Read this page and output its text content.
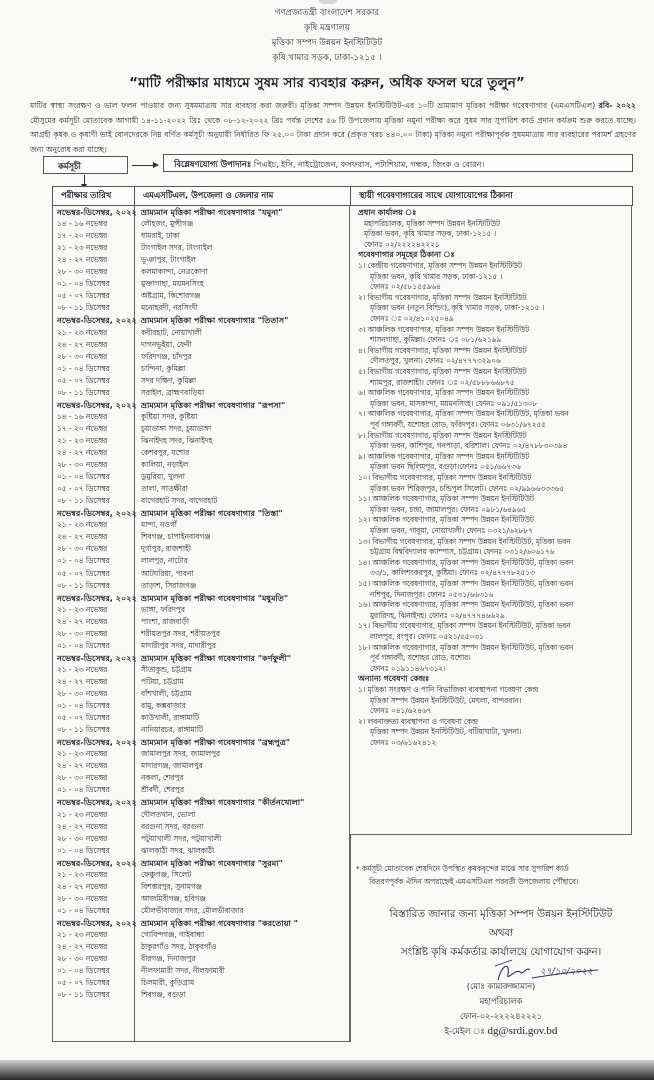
গণপ্রজাতন্ত্রী বাংলাদেশ সরকার
কৃষি মন্ত্রণালয়
মৃত্তিকা সম্পদ উন্নয়ন ইনস্টিটিউট
কৃষি খামার সড়ক, ঢাকা-১২১৫ ।
“মাটি পরীক্ষার মাধ্যমে সুষম সার ব্যবহার করুন, অধিক ফসল ঘরে তুলুন”
মাটির স্বাস্থ্য সংরক্ষণ ও ভাল ফলন পাওয়ার জন্য সুষমমাত্রায় সার ব্যবহার করা জরুরী। মৃত্তিকা সম্পদ উন্নয়ন ইনস্টিটিউট-এর ১০টি ভ্রাম্যমাণ মৃত্তিকা পরীক্ষা গবেষণাগার (এমএসটিএল) রবি- ২০২২ মৌসুমের কর্মসূচী মোতাবেক আগামী ১৪-১১-২০২২ খ্রিঃ থেকে ০৮-১২-২০২২ খ্রিঃ পর্যন্ত দেশের ৫৬ টি উপজেলায় মৃত্তিকা নমুনা পরীক্ষা করে সুষম সার সুপারিশ কার্ড প্রদান কর্যক্রম শুরু করতে যাচ্ছে। আগ্রহী কৃষক ও কৃষাণী ভাই বোনদেরকে নিম্ন বর্ণিত কর্মসূচী অনুযায়ী নির্ধারিত ফি ২৫.০০ টাকা প্রদান করে (প্রকৃত খরচ ৪৪০.০০ টাকা) মৃত্তিকা নমুনা পরীক্ষাপূর্বক সুষমমাত্রায় সার ব্যবহারের পরামর্শ গ্রহণের জন্য অনুরোধ করা যাচ্ছে।
কর্মসূচী	বিশ্লেষণযোগ্য উপাদানঃ পিএইচ, ইসি, নাইট্রোজেন, ফসফরাস, পটাশিয়াম, গন্ধক, জিংক ও বোরন।
পরীক্ষার তারিখ	এমএসটিএল, উপজেলা ও জেলার নাম	স্থায়ী গবেষণাগারের সাথে যোগাযোগের ঠিকানা
নভেম্বর-ডিসেম্বর, ২০২২ ভ্রাম্যমান মৃত্তিকা পরীক্ষা গবেষণাগার "যমুনা"
১৪ - ১৬ নভেম্বর	লৌহজং, মুন্সীগঞ্জ
১৭ - ২০ নভেম্বর	ধামরাই, ঢাকা
২১ - ২৩ নভেম্বর	টাংগাইল সদর, টাংগাইল
২৪ - ২৭ নভেম্বর	ভূঞাপুর, টাংগাইল
২৮ - ৩০ নভেম্বর	কলমাকান্দা, নেত্রকোণা
০১ - ০৪ ডিসেম্বর	মুক্তাগাছা, ময়মনসিংহ
০৫ - ০৭ ডিসেম্বর	অষ্টগ্রাম, কিশোরগঞ্জ
০৮ - ১১ ডিসেম্বর	মনোহরদী, নরসিংদী
নভেম্বর-ডিসেম্বর, ২০২২ ভ্রাম্যমান মৃত্তিকা পরীক্ষা গবেষণাগার "তিতাস"
২১ - ২৩ নভেম্বর	কবীরহাট, নোয়াখালী
২৪ - ২৭ নভেম্বর	দাগনভূইয়া, ফেনী
২৮ - ৩০ নভেম্বর	ফরিদগঞ্জ, চাঁদপুর
০১ - ০৪ ডিসেম্বর	চান্দিনা, কুমিল্লা
০৫ - ০৭ ডিসেম্বর	সদর দক্ষিণ, কুমিল্লা
০৮ - ১১ ডিসেম্বর	সরাইল, ব্রাহ্মণবাড়িয়া
নভেম্বর-ডিসেম্বর, ২০২২ ভ্রাম্যমান মৃত্তিকা পরীক্ষা গবেষণাগার "রূপসা"
১৪ - ১৬ নভেম্বর	কুষ্টিয়া সদর, কুষ্টিয়া
১৭ - ২০ নভেম্বর	চুয়াডাঙ্গা সদর, চুয়াডাঙ্গা
২১ - ২৩ নভেম্বর	ঝিনাইদহ সদর, ঝিনাইদহ
২৪ - ২৭ নভেম্বর	কেশবপুর, যশোর
২৮ - ৩০ নভেম্বর	কালিয়া, নড়াইল
০১ - ০৪ ডিসেম্বর	ডুমুরিয়া, খুলনা
০৫ - ০৭ ডিসেম্বর	তালা, সাতক্ষীরা
০৮ - ১১ ডিসেম্বর	বাগেরহাট সদর, বাগেরহাট
নভেম্বর-ডিসেম্বর, ২০২২ ভ্রাম্যমান মৃত্তিকা পরীক্ষা গবেষণাগার "তিস্তা"
২১ - ২৩ নভেম্বর	মান্দা, নওগাঁ
২৪ - ২৭ নভেম্বর	শিবগঞ্জ, চাপাইনবাবগঞ্জ
২৮ - ৩০ নভেম্বর	দুর্গাপুর, রাজশাহী
০১ - ০৪ ডিসেম্বর	লালপুর, নাটোর
০৫ - ০৭ ডিসেম্বর	আটঘরিয়া, পাবনা
০৮ - ১১ ডিসেম্বর	তাড়াশ, সিরাজগঞ্জ
নভেম্বর-ডিসেম্বর, ২০২২ ভ্রাম্যমান মৃত্তিকা পরীক্ষা গবেষণাগার "মধুমতি"
২১ - ২৩ নভেম্বর	ভাঙ্গা, ফরিদপুর
২৪ - ২৭ নভেম্বর	পাংশা, রাজবাড়ী
২৮ - ৩০ নভেম্বর	শরীয়তপুর সদর, শরীয়তপুর
০১ - ০৪ ডিসেম্বর	মাদারীপুর সদর, মাদারীপুর
নভেম্বর-ডিসেম্বর, ২০২২ ভ্রাম্যমান মৃত্তিকা পরীক্ষা গবেষণাগার "কর্ণফুলী"
২১ - ২৩ নভেম্বর	সীতাকুন্ড, চট্টগ্রাম
২৪ - ২৭ নভেম্বর	পটিয়া, চট্টগ্রাম
২৮ - ৩০ নভেম্বর	বাঁশখালী, চট্টগ্রাম
০১ - ০৪ ডিসেম্বর	রামু, কক্সবাজার
০৫ - ০৭ ডিসেম্বর	কাউখালী, রাঙ্গামাটি
০৮ - ১১ ডিসেম্বর	নানিয়ারচর, রাঙ্গামাটি
নভেম্বর-ডিসেম্বর, ২০২২ ভ্রাম্যমান মৃত্তিকা পরীক্ষা গবেষণাগার "ব্রহ্মপুত্র"
২১ - ২৩ নভেম্বর	জামালপুর সদর, জামালপুর
২৪ - ২৭ নভেম্বর	মাদারগঞ্জ, জামালপুর
২৮ - ৩০ নভেম্বর	নকলা, শেরপুর
০১ - ০৪ ডিসেম্বর	শ্রীবর্দী, শেরপুর
নভেম্বর-ডিসেম্বর, ২০২২ ভ্রাম্যমান মৃত্তিকা পরীক্ষা গবেষণাগার "কীর্তনখোলা"
২১ - ২৩ নভেম্বর	দৌলতখান, ভোলা
২৪ - ২৭ নভেম্বর	বরগুনা সদর, বরগুনা
২৮ - ৩০ নভেম্বর	পটুয়াখালী সদর, পটুয়াখালী
০১ - ০৪ ডিসেম্বর	ঝালকাঠী সদর, ঝালকাঠী
নভেম্বর-ডিসেম্বর, ২০২২ ভ্রাম্যমান মৃত্তিকা পরীক্ষা গবেষণাগার "সুরমা"
২১ - ২৩ নভেম্বর	ফেঞ্চুগঞ্জ, সিলেট
২৪ - ২৭ নভেম্বর	বিশম্ভরপুর, সুনামগঞ্জ
২৮ - ৩০ নভেম্বর	আজমিরীগঞ্জ, হবিগঞ্জ
০১ - ০৪ ডিসেম্বর	মৌলভীবাজার সদর, মৌলভীবাজার
নভেম্বর-ডিসেম্বর, ২০২২ ভ্রাম্যমান মৃত্তিকা পরীক্ষা গবেষণাগার "করতোয়া "
২১ - ২৩ নভেম্বর	গোবিন্দগঞ্জ, গাইবান্ধা
২৪ - ২৭ নভেম্বর	ঠাকুরগাঁও সদর, ঠাকুরগাঁও
২৮ - ৩০ নভেম্বর	বীরগঞ্জ, দিনাজপুর
০১ - ০৪ ডিসেম্বর	নীলফামারী সদর, নীলফামারী
০৫ - ০৭ ডিসেম্বর	চিলমারী, কুড়িগ্রাম
০৮ - ১১ ডিসেম্বর	শিবগঞ্জ, বগুড়া
প্রধান কার্যালয় ঃ
মহাপরিচালক, মৃত্তিকা সম্পদ উন্নয়ন ইনস্টিটিউট
মৃত্তিকা ভবন, কৃষি খামার সড়ক, ঢাকা-১২১৫ ।
ফোনঃ ০২/২২২২৪২২২১
গবেষণাগার সমূহের ঠিকানা ঃ
১। কেন্দ্রীয় গবেষণাগার, মৃত্তিকা সম্পদ উন্নয়ন ইনস্টিটিউট
মৃত্তিকা ভবন, কৃষি খামার সড়ক, ঢাকা-১২১৫ ।
ফোনঃ ০২/৫৮১৫৫৯৬৪
২। বিভাগীয় গবেষণাগার, মৃত্তিকা সম্পদ উন্নয়ন ইনস্টিটিউট
মৃত্তিকা ভবন (নতুন বিল্ডিং), কৃষি খামার সড়ক, ঢাকা-১২১৫ ।
ফোনঃ ঃ ০২/৪১০২৫০৪৯
৩। আঞ্চলিক গবেষণাগার, মৃত্তিকা সম্পদ উন্নয়ন ইনস্টিটিউট
শাসনগাছা, কুমিল্লা। ফোনঃ ঃ ০৮১/৬২১৯৯
৪। বিভাগীয় গবেষণাগার, মৃত্তিকা সম্পদ উন্নয়ন ইনস্টিটিউট
দৌলতপুর, খুলনা। ফোনঃ ০২/৪৭৭৭৩২৯০৬
৫। বিভাগীয় গবেষণাগার, মৃত্তিকা সম্পদ উন্নয়ন ইনস্টিটিউট
শ্যামপুর, রাজশাহী। ফোনঃ ঃ ০২/৫৮৮৮৬৬৮৭৫
৬। আঞ্চলিক গবেষণাগার, মৃত্তিকা সম্পদ উন্নয়ন ইনস্টিটিউট
মৃত্তিকা ভবন, মাসকান্দা, ময়মনসিংহ। ফোনঃ ০৯১/৫১৩০৮
৭। আঞ্চলিক গবেষণাগার, মৃত্তিকা সম্পদ উন্নয়ন ইনস্টিটিউট, মৃত্তিকা ভবন
পূর্ব গঙ্গাবর্দী, যশোহর রোড, ফরিদপুর। ফোনঃ ০৬৩১/৬৭২৫৫
৮। বিভাগীয় গবেষণাগার, মৃত্তিকা সম্পদ উন্নয়ন ইনস্টিটিউট
মৃত্তিকা ভবন, কাশিপুর, গনপাড়া, বরিশাল। ফোনঃ ০২/৪৭৮৮৩০৩৯৪
৯। আঞ্চলিক গবেষণাগার, মৃত্তিকা সম্পদ উন্নয়ন ইনস্টিটিউট
মৃত্তিকা ভবন ছিলিমপুর, বগুড়া।ফোনঃ ০৫১/৬৬৭৩৬
১০। বিভাগীয় গবেষণাগার, মৃত্তিকা সম্পদ উন্নয়ন ইনস্টিটিউট
মৃত্তিকা ভবন শিরিজপুর, চন্ডিপুল সিলেট। ফোনঃ ০২/৯৯৬৬৩৩৩৬৫
১১। আঞ্চলিক গবেষণাগার, মৃত্তিকা সম্পদ উন্নয়ন ইনস্টিটিউট
মৃত্তিকা ভবন, চন্দ্রা, জামালপুর। ফোনঃ ০৯৮১/৬৪৯৬৫
১২। আঞ্চলিক গবেষণাগার, মৃত্তিকা সম্পদ উন্নয়ন ইনস্টিটিউট
মৃত্তিকা ভবন, গাবুয়া, নোয়াখালী। ফোনঃ ০৩২১/৬২৮৮৭
১৩। বিভাগীয় গবেষণাগার, মৃত্তিকা সম্পদ উন্নয়ন ইনস্টিটিউট, মৃত্তিকা ভবন
চট্টগ্রাম বিশ্ববিদ্যালয় ক্যাম্পাস, চট্টগ্রাম। ফোনঃ ০৩১২/৬০৬১৭৬
১৪। আঞ্চলিক গবেষণাগার, মৃত্তিকা সম্পদ উন্নয়ন ইনস্টিটিউট, মৃত্তিকা ভবন
৩৩/১, কালিশংকরপুর, কুষ্টিয়া। ফোনঃ ০২/৪৭৭৭৮২৫১৩
১৫। আঞ্চলিক গবেষণাগার, মৃত্তিকা সম্পদ উন্নয়ন ইনস্টিটিউট, মৃত্তিকা ভবন
নশিপুর, দিনাজপুর। ফোনঃ ০৫৩১/৬৬৩১৬
১৬। আঞ্চলিক গবেষণাগার, মৃত্তিকা সম্পদ উন্নয়ন ইনস্টিটিউট, মৃত্তিকা ভবন
মুরারিদহ, ঝিনাইদহ। ফোনঃ ০২/৪৭৭৭৪৬৬২৯
১৭। বিভাগীয় গবেষণাগার, মৃত্তিকা সম্পদ উন্নয়ন ইনস্টিটিউট, মৃত্তিকা ভবন
লালপুর, রংপুর। ফোনঃ ০৫২১/৫৫০৩১
১৮। আঞ্চলিক গবেষণাগার, মৃত্তিকা সম্পদ উন্নয়ন ইনস্টিটিউট, মৃত্তিকা ভবন
পূর্ব গঙ্গাবর্দী, যশোহর রোড, যশোর।
ফোনঃ ০১৯১১৪৬৭৩১২।
অন্যান্য গবেষণা কেন্দ্রঃ
১। মৃত্তিকা সংরক্ষণ ও পানি বিভাজিকা ব্যবস্থাপনা গবেষণা কেন্দ্র
মৃত্তিকা সম্পদ উন্নয়ন ইনস্টিটিউট, মেঘলা, বান্দরবান।
ফোনঃ ০৪১/৬২৪৬৭
২। লবনাক্ততা ব্যবস্থাপনা ও গবেষণা কেন্দ্র
মৃত্তিকা সম্পদ উন্নয়ন ইনস্টিটিউট, বটিয়াঘাটা, খুলনা।
ফোনঃ ০৩/৬১৬২৪১২
* কর্মসূচী মোতাবেক শেষদিনে উপস্থিত কৃষকবৃন্দের মাঝে সার সুপারিশ কার্ড
বিতরণপূর্বক ঐদিন অপরাহ্নেই এমএসটিএল পরবর্তী উপজেলায় পৌঁছাবে।
বিস্তারিত জানার জন্য মৃত্তিকা সম্পদ উন্নয়ন ইনস্টিটিউট
অথবা
সংশ্লিষ্ট কৃষি কর্মকর্তার কার্যালয়ে যোগাযোগ করুন।
২৭/১০/২০২২
(মোঃ কামারুজ্জামান)
মহাপরিচালক
ফোন-০২-২২২২৪২২২১
ই-মেইল ঃ dg@srdi.gov.bd
